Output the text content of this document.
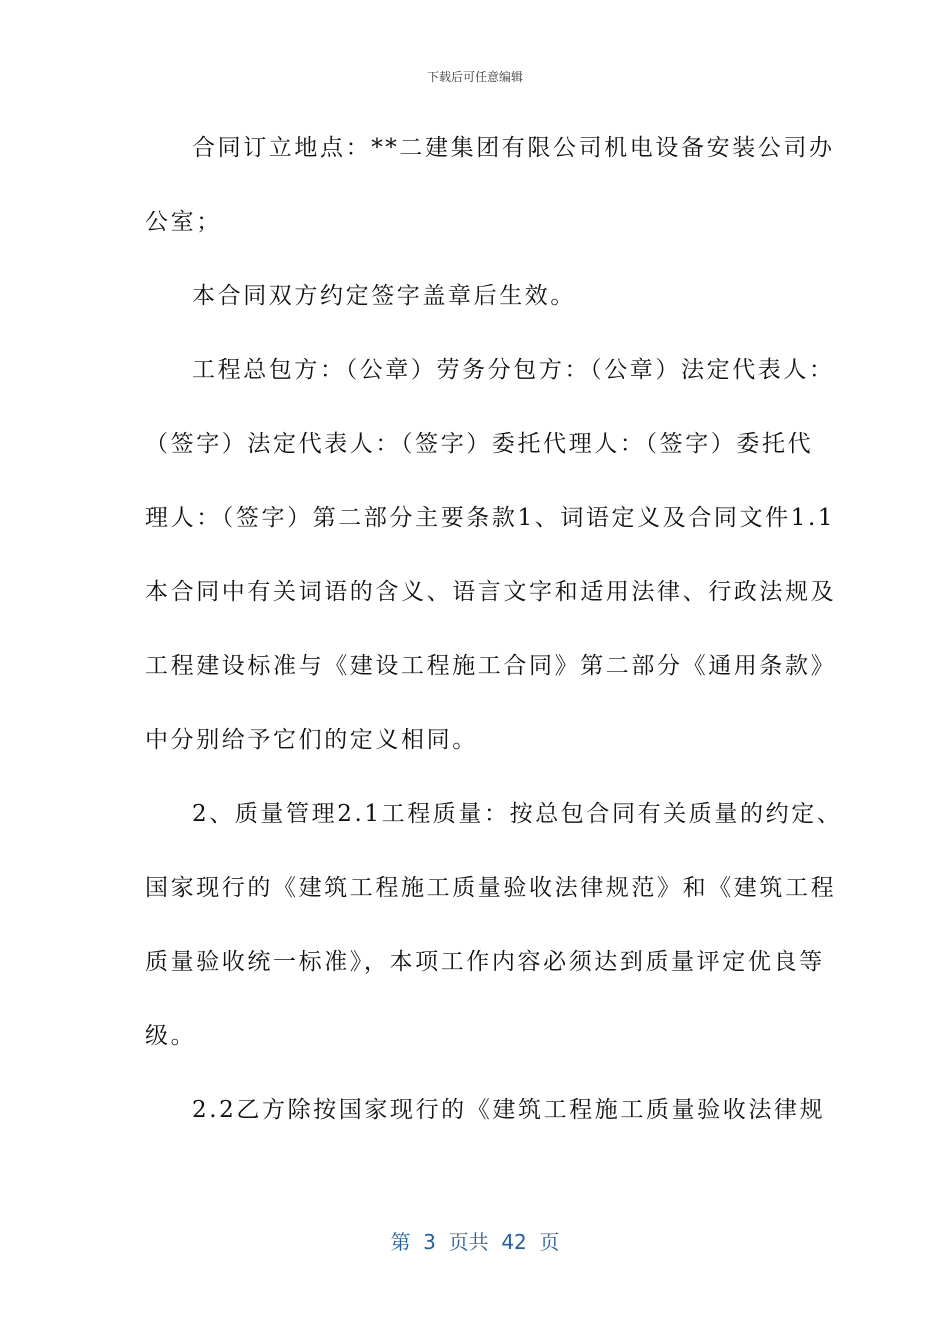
下载后可任意编辑
合同订立地点：**二建集团有限公司机电设备安装公司办
公室；
本合同双方约定签字盖章后生效。
工程总包方：（公章）劳务分包方：（公章）法定代表人：
（签字）法定代表人：（签字）委托代理人：（签字）委托代
理人：（签字）第二部分主要条款1、词语定义及合同文件1.1
本合同中有关词语的含义、语言文字和适用法律、行政法规及
工程建设标准与《建设工程施工合同》第二部分《通用条款》
中分别给予它们的定义相同。
2、质量管理2.1工程质量：按总包合同有关质量的约定、
国家现行的《建筑工程施工质量验收法律规范》和《建筑工程
质量验收统一标准》，本项工作内容必须达到质量评定优良等
级。
2.2乙方除按国家现行的《建筑工程施工质量验收法律规
第  3  页共  42  页
